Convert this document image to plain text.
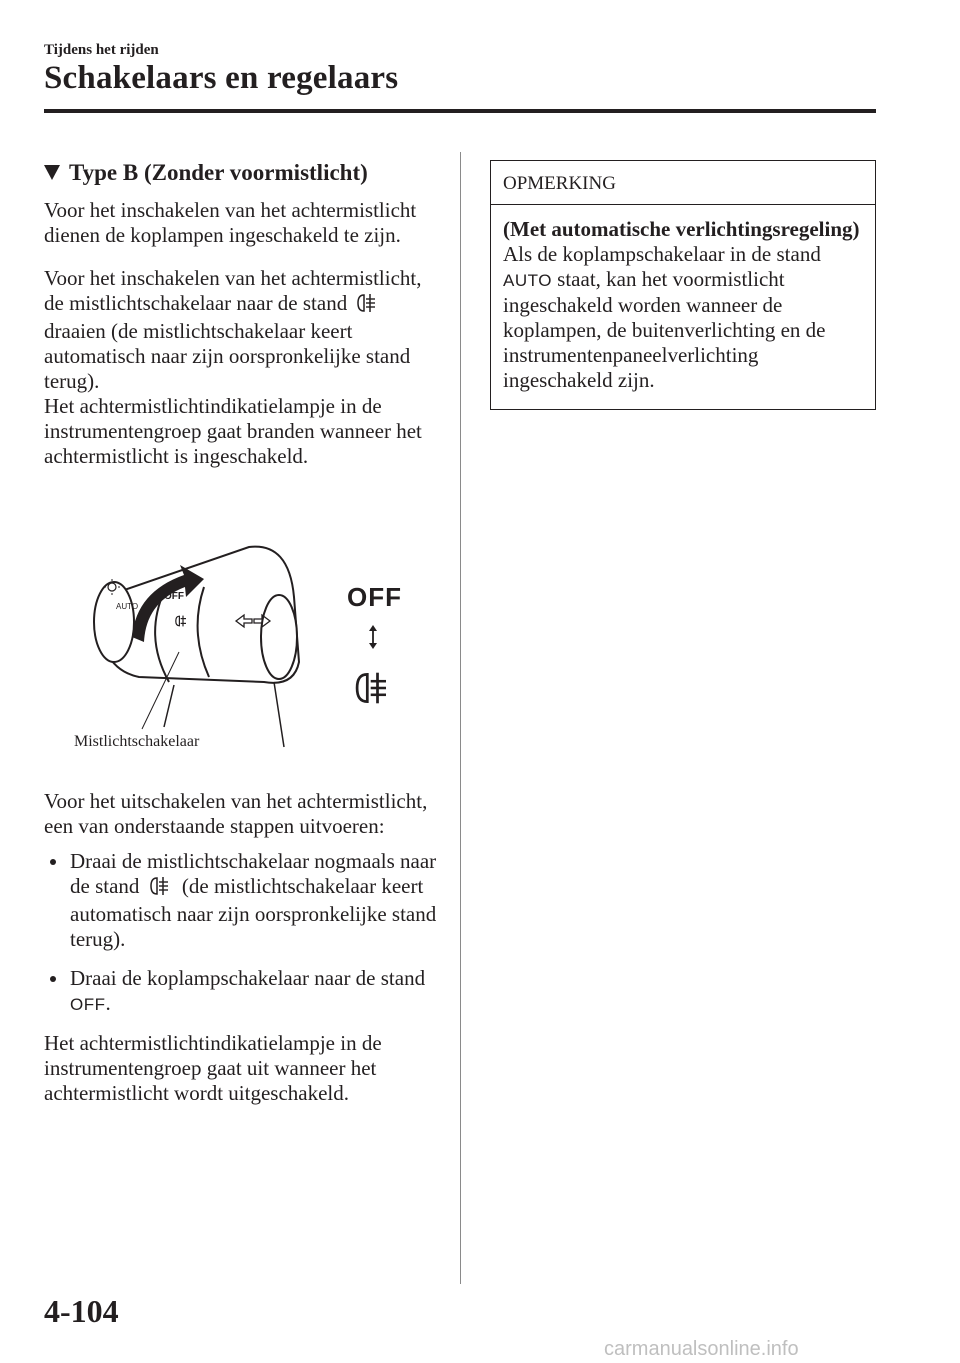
Tijdens het rijden
Schakelaars en regelaars
Type B (Zonder voormistlicht)

Voor het inschakelen van het achtermistlicht dienen de koplampen ingeschakeld te zijn.

Voor het inschakelen van het achtermistlicht, de mistlichtschakelaar naar de stand  draaien (de mistlichtschakelaar keert automatisch naar zijn oorspronkelijke stand terug).

Het achtermistlichtindikatielampje in de instrumentengroep gaat branden wanneer het achtermistlicht is ingeschakeld.

OFF
AUTO	OFF
Mistlichtschakelaar

Voor het uitschakelen van het achtermistlicht, een van onderstaande stappen uitvoeren:

Draai de mistlichtschakelaar nogmaals naar de stand (de mistlichtschakelaar keert automatisch naar zijn oorspronkelijke stand terug).
Draai de koplampschakelaar naar de stand OFF.

Het achtermistlichtindikatielampje in de instrumentengroep gaat uit wanneer het achtermistlicht wordt uitgeschakeld.

OPMERKING
(Met automatische verlichtingsregeling)
Als de koplampschakelaar in de stand AUTO staat, kan het voormistlicht ingeschakeld worden wanneer de koplampen, de buitenverlichting en de instrumentenpaneelverlichting ingeschakeld zijn.
4-104
carmanualsonline.info
